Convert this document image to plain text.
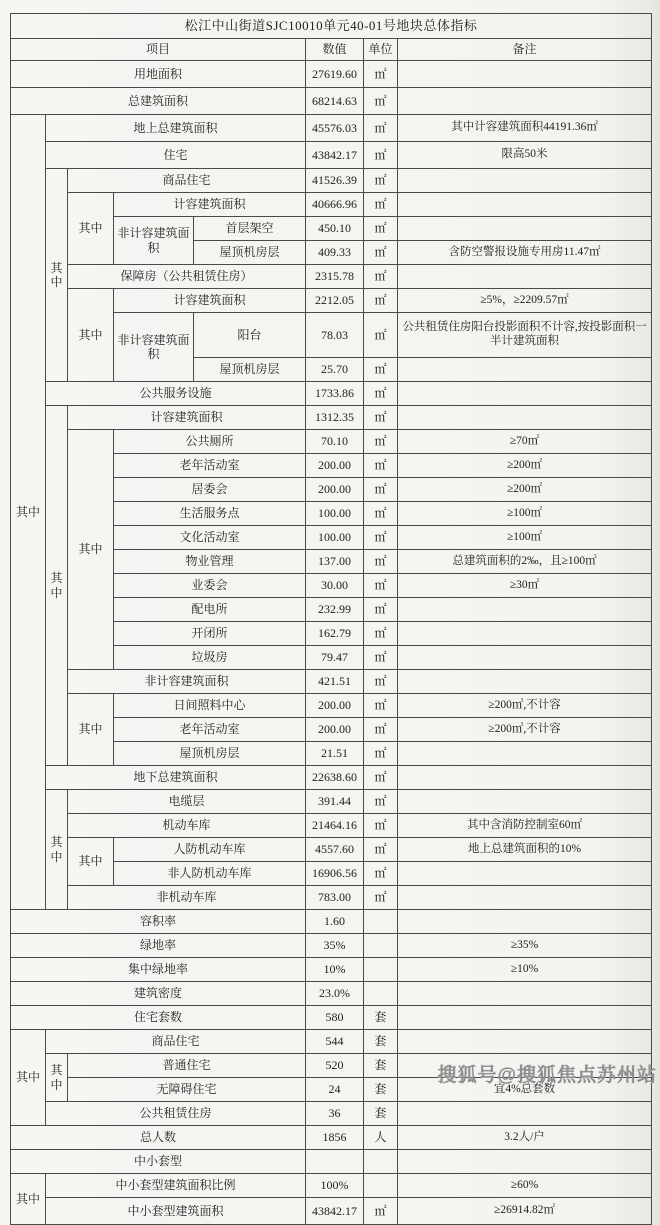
松江中山街道SJC10010单元40-01号地块总体指标							
项目					数值	单位	备注
用地面积					27619.60	㎡	
总建筑面积					68214.63	㎡	
其中	地上总建筑面积				45576.03	㎡	其中计容建筑面积44191.36㎡
	住宅				43842.17	㎡	限高50米
	其中	商品住宅			41526.39	㎡	
		其中	计容建筑面积		40666.96	㎡	
			非计容建筑面积	首层架空	450.10	㎡	
				屋顶机房层	409.33	㎡	含防空警报设施专用房11.47㎡
		保障房（公共租赁住房）			2315.78	㎡	
		其中	计容建筑面积		2212.05	㎡	≥5%，≥2209.57㎡
			非计容建筑面积	阳台	78.03	㎡	公共租赁住房阳台投影面积不计容,按投影面积一半计建筑面积
				屋顶机房层	25.70	㎡	
	公共服务设施				1733.86	㎡	
	其中	计容建筑面积			1312.35	㎡	
		其中	公共厕所		70.10	㎡	≥70㎡
			老年活动室		200.00	㎡	≥200㎡
			居委会		200.00	㎡	≥200㎡
			生活服务点		100.00	㎡	≥100㎡
			文化活动室		100.00	㎡	≥100㎡
			物业管理		137.00	㎡	总建筑面积的2‰，且≥100㎡
			业委会		30.00	㎡	≥30㎡
			配电所		232.99	㎡	
			开闭所		162.79	㎡	
			垃圾房		79.47	㎡	
		非计容建筑面积			421.51	㎡	
		其中	日间照料中心		200.00	㎡	≥200㎡,不计容
			老年活动室		200.00	㎡	≥200㎡,不计容
			屋顶机房层		21.51	㎡	
	地下总建筑面积				22638.60	㎡	
	其中	电缆层			391.44	㎡	
		机动车库			21464.16	㎡	其中含消防控制室60㎡
		其中	人防机动车库		4557.60	㎡	地上总建筑面积的10%
			非人防机动车库		16906.56	㎡	
		非机动车库			783.00	㎡	
容积率					1.60		
绿地率					35%		≥35%
集中绿地率					10%		≥10%
建筑密度					23.0%		
住宅套数					580	套	
其中	商品住宅				544	套	
	其中	普通住宅			520	套	
		无障碍住宅			24	套	宜4%总套数
	公共租赁住房				36	套	
总人数					1856	人	3.2人/户
中小套型							
其中	中小套型建筑面积比例				100%		≥60%
	中小套型建筑面积				43842.17	㎡	≥26914.82㎡
搜狐号@搜狐焦点苏州站
